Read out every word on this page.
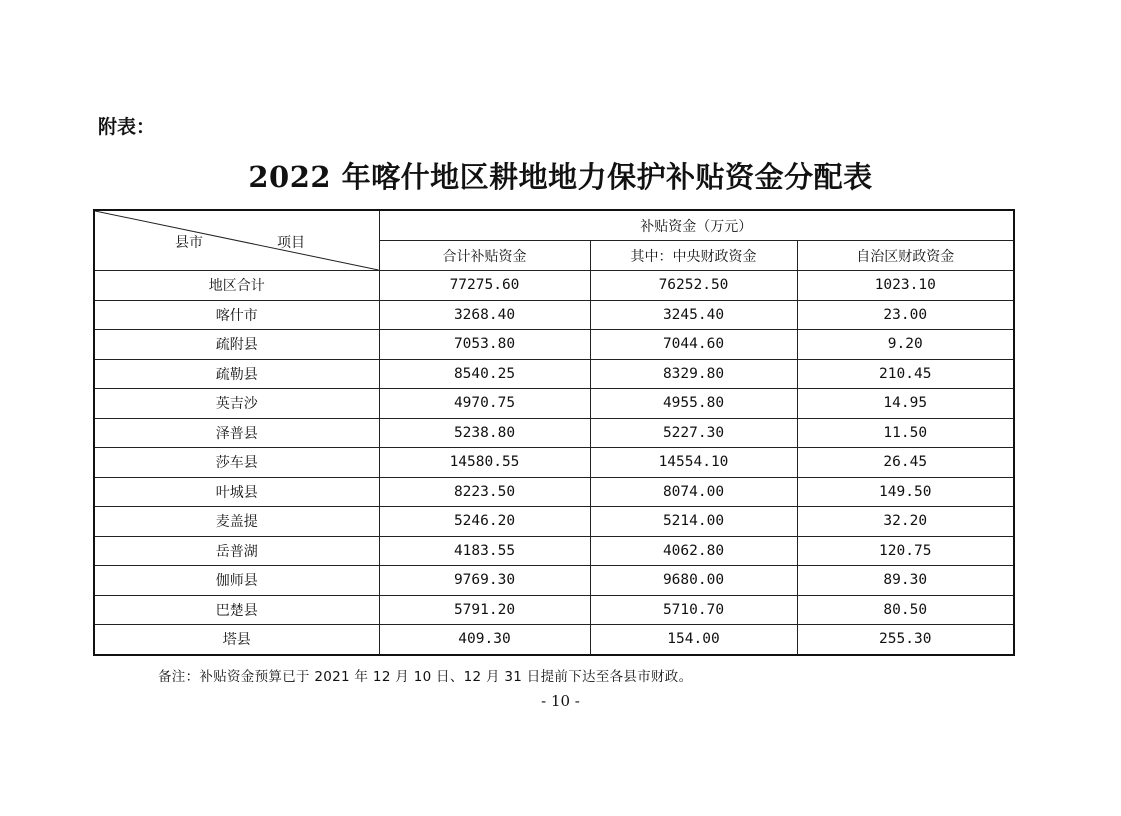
附表：
2022 年喀什地区耕地地力保护补贴资金分配表
县市 项目	补贴资金（万元）		
	合计补贴资金	其中：中央财政资金	自治区财政资金
地区合计	77275.60	76252.50	1023.10
喀什市	3268.40	3245.40	23.00
疏附县	7053.80	7044.60	9.20
疏勒县	8540.25	8329.80	210.45
英吉沙	4970.75	4955.80	14.95
泽普县	5238.80	5227.30	11.50
莎车县	14580.55	14554.10	26.45
叶城县	8223.50	8074.00	149.50
麦盖提	5246.20	5214.00	32.20
岳普湖	4183.55	4062.80	120.75
伽师县	9769.30	9680.00	89.30
巴楚县	5791.20	5710.70	80.50
塔县	409.30	154.00	255.30
备注：补贴资金预算已于 2021 年 12 月 10 日、12 月 31 日提前下达至各县市财政。
- 10 -
